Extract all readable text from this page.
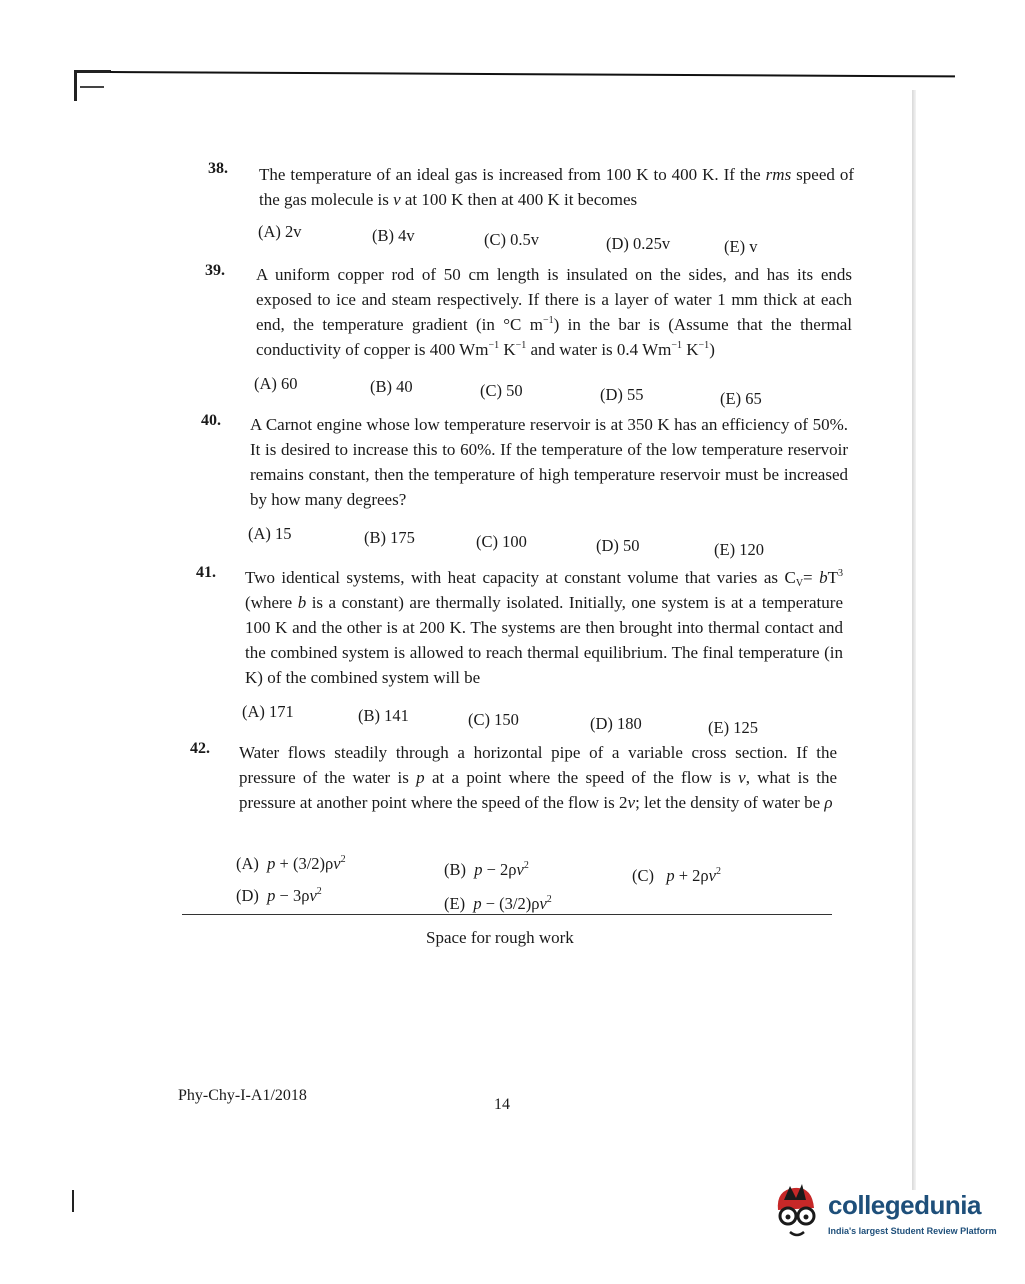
38. The temperature of an ideal gas is increased from 100 K to 400 K. If the rms speed of the gas molecule is v at 100 K then at 400 K it becomes
(A) 2v	(B) 4v	(C) 0.5v	(D) 0.25v	(E) v
39. A uniform copper rod of 50 cm length is insulated on the sides, and has its ends exposed to ice and steam respectively. If there is a layer of water 1 mm thick at each end, the temperature gradient (in °C $m^{-1}$) in the bar is (Assume that the thermal conductivity of copper is 400 $Wm^{-1}$ $K^{-1}$ and water is 0.4 $Wm^{-1}$ $K^{-1}$)
(A) 60	(B) 40	(C) 50	(D) 55	(E) 65
40. A Carnot engine whose low temperature reservoir is at 350 K has an efficiency of 50%. It is desired to increase this to 60%. If the temperature of the low temperature reservoir remains constant, then the temperature of high temperature reservoir must be increased by how many degrees?
(A) 15	(B) 175	(C) 100	(D) 50	(E) 120
41. Two identical systems, with heat capacity at constant volume that varies as $C_V= bT^3$ (where b is a constant) are thermally isolated. Initially, one system is at a temperature 100 K and the other is at 200 K. The systems are then brought into thermal contact and the combined system is allowed to reach thermal equilibrium. The final temperature (in K) of the combined system will be
(A) 171	(B) 141	(C) 150	(D) 180	(E) 125
42. Water flows steadily through a horizontal pipe of a variable cross section. If the pressure of the water is p at a point where the speed of the flow is v, what is the pressure at another point where the speed of the flow is 2v; let the density of water be ρ
(A)  $p + (3/2)\rho v^2$
(B)  $p - 2\rho v^2$
(C)   $p + 2\rho v^2$
(D)  $p - 3\rho v^2$
(E)  $p - (3/2)\rho v^2$
Space for rough work
Phy-Chy-I-A1/2018
14
collegedunia
India's largest Student Review Platform
